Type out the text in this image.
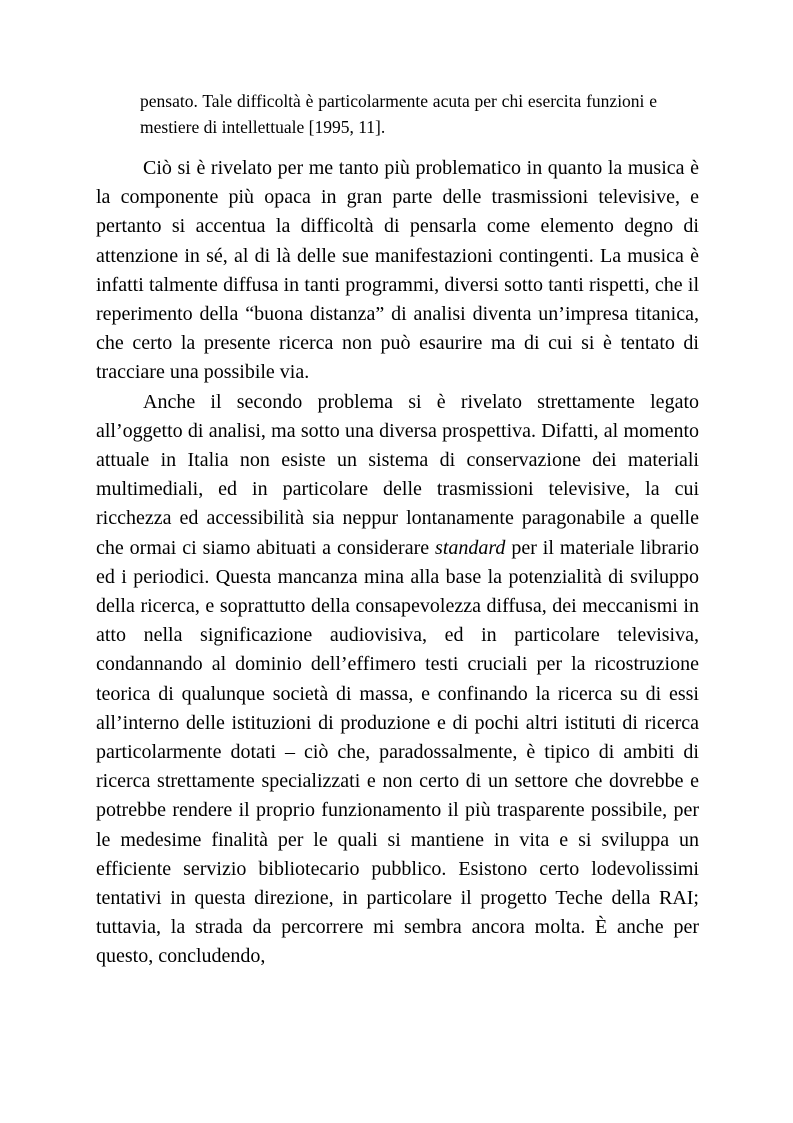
pensato. Tale difficoltà è particolarmente acuta per chi esercita funzioni e mestiere di intellettuale [1995, 11].

Ciò si è rivelato per me tanto più problematico in quanto la musica è la componente più opaca in gran parte delle trasmissioni televisive, e pertanto si accentua la difficoltà di pensarla come elemento degno di attenzione in sé, al di là delle sue manifestazioni contingenti. La musica è infatti talmente diffusa in tanti programmi, diversi sotto tanti rispetti, che il reperimento della “buona distanza” di analisi diventa un’impresa titanica, che certo la presente ricerca non può esaurire ma di cui si è tentato di tracciare una possibile via.

Anche il secondo problema si è rivelato strettamente legato all’oggetto di analisi, ma sotto una diversa prospettiva. Difatti, al momento attuale in Italia non esiste un sistema di conservazione dei materiali multimediali, ed in particolare delle trasmissioni televisive, la cui ricchezza ed accessibilità sia neppur lontanamente paragonabile a quelle che ormai ci siamo abituati a considerare standard per il materiale librario ed i periodici. Questa mancanza mina alla base la potenzialità di sviluppo della ricerca, e soprattutto della consapevolezza diffusa, dei meccanismi in atto nella significazione audiovisiva, ed in particolare televisiva, condannando al dominio dell’effimero testi cruciali per la ricostruzione teorica di qualunque società di massa, e confinando la ricerca su di essi all’interno delle istituzioni di produzione e di pochi altri istituti di ricerca particolarmente dotati – ciò che, paradossalmente, è tipico di ambiti di ricerca strettamente specializzati e non certo di un settore che dovrebbe e potrebbe rendere il proprio funzionamento il più trasparente possibile, per le medesime finalità per le quali si mantiene in vita e si sviluppa un efficiente servizio bibliotecario pubblico. Esistono certo lodevolissimi tentativi in questa direzione, in particolare il progetto Teche della RAI; tuttavia, la strada da percorrere mi sembra ancora molta. È anche per questo, concludendo,
